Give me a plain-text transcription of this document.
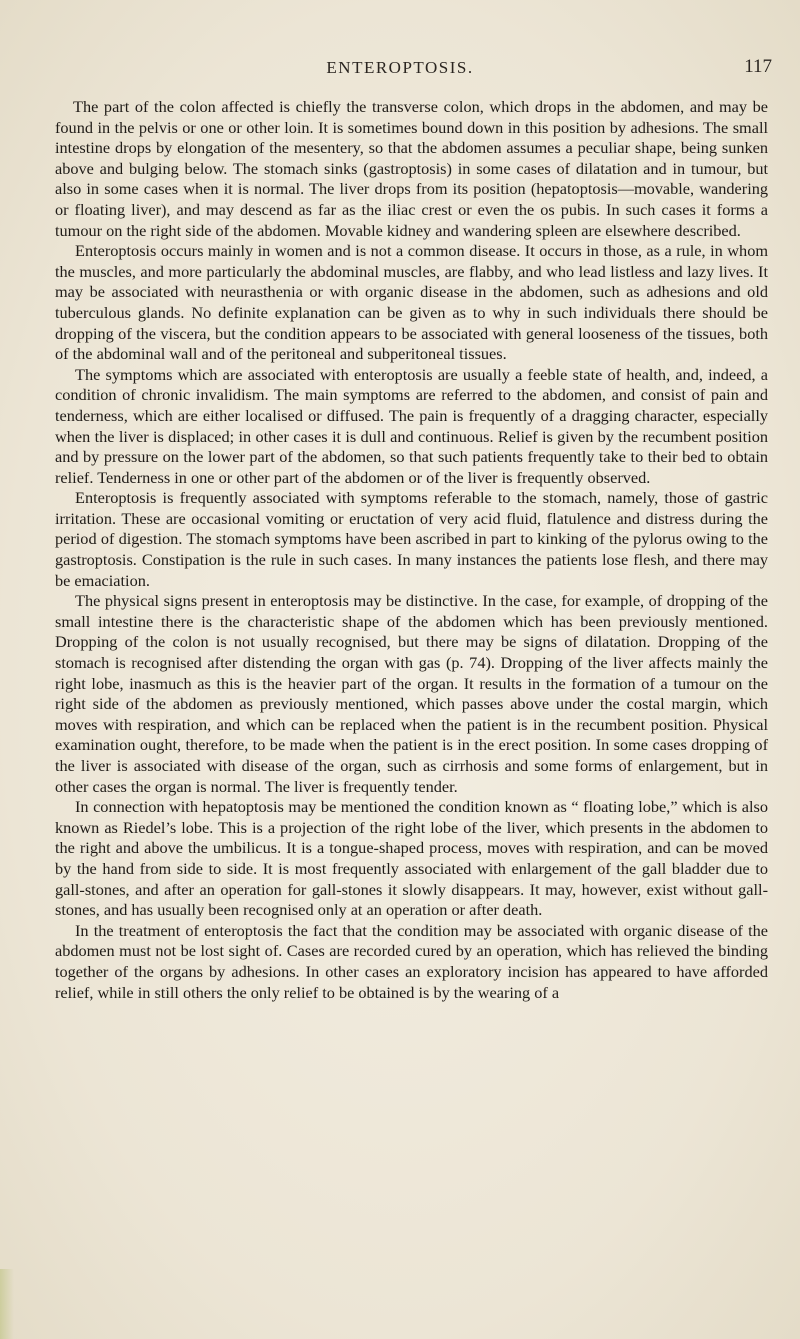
ENTEROPTOSIS.	117

The part of the colon affected is chiefly the transverse colon, which drops in the abdomen, and may be found in the pelvis or one or other loin. It is sometimes bound down in this position by adhesions. The small intestine drops by elongation of the mesentery, so that the abdomen assumes a peculiar shape, being sunken above and bulging below. The stomach sinks (gastroptosis) in some cases of dilatation and in tumour, but also in some cases when it is normal. The liver drops from its position (hepatoptosis—movable, wandering or floating liver), and may descend as far as the iliac crest or even the os pubis. In such cases it forms a tumour on the right side of the abdomen. Movable kidney and wandering spleen are elsewhere described.

Enteroptosis occurs mainly in women and is not a common disease. It occurs in those, as a rule, in whom the muscles, and more particularly the abdominal muscles, are flabby, and who lead listless and lazy lives. It may be associated with neurasthenia or with organic disease in the abdomen, such as adhesions and old tuberculous glands. No definite explanation can be given as to why in such individuals there should be dropping of the viscera, but the condition appears to be associated with general looseness of the tissues, both of the abdominal wall and of the peritoneal and subperitoneal tissues.

The symptoms which are associated with enteroptosis are usually a feeble state of health, and, indeed, a condition of chronic invalidism. The main symptoms are referred to the abdomen, and consist of pain and tenderness, which are either localised or diffused. The pain is frequently of a dragging character, especially when the liver is displaced; in other cases it is dull and continuous. Relief is given by the recumbent position and by pressure on the lower part of the abdomen, so that such patients frequently take to their bed to obtain relief. Tenderness in one or other part of the abdomen or of the liver is frequently observed.

Enteroptosis is frequently associated with symptoms referable to the stomach, namely, those of gastric irritation. These are occasional vomiting or eructation of very acid fluid, flatulence and distress during the period of digestion. The stomach symptoms have been ascribed in part to kinking of the pylorus owing to the gastroptosis. Constipation is the rule in such cases. In many instances the patients lose flesh, and there may be emaciation.

The physical signs present in enteroptosis may be distinctive. In the case, for example, of dropping of the small intestine there is the characteristic shape of the abdomen which has been previously mentioned. Dropping of the colon is not usually recognised, but there may be signs of dilatation. Dropping of the stomach is recognised after distending the organ with gas (p. 74). Dropping of the liver affects mainly the right lobe, inasmuch as this is the heavier part of the organ. It results in the formation of a tumour on the right side of the abdomen as previously mentioned, which passes above under the costal margin, which moves with respiration, and which can be replaced when the patient is in the recumbent position. Physical examination ought, therefore, to be made when the patient is in the erect position. In some cases dropping of the liver is associated with disease of the organ, such as cirrhosis and some forms of enlargement, but in other cases the organ is normal. The liver is frequently tender.

In connection with hepatoptosis may be mentioned the condition known as “ floating lobe,” which is also known as Riedel’s lobe. This is a projection of the right lobe of the liver, which presents in the abdomen to the right and above the umbilicus. It is a tongue-shaped process, moves with respiration, and can be moved by the hand from side to side. It is most frequently associated with enlargement of the gall bladder due to gall-stones, and after an operation for gall-stones it slowly disappears. It may, however, exist without gall-stones, and has usually been recognised only at an operation or after death.

In the treatment of enteroptosis the fact that the condition may be associated with organic disease of the abdomen must not be lost sight of. Cases are recorded cured by an operation, which has relieved the binding together of the organs by adhesions. In other cases an exploratory incision has appeared to have afforded relief, while in still others the only relief to be obtained is by the wearing of a
